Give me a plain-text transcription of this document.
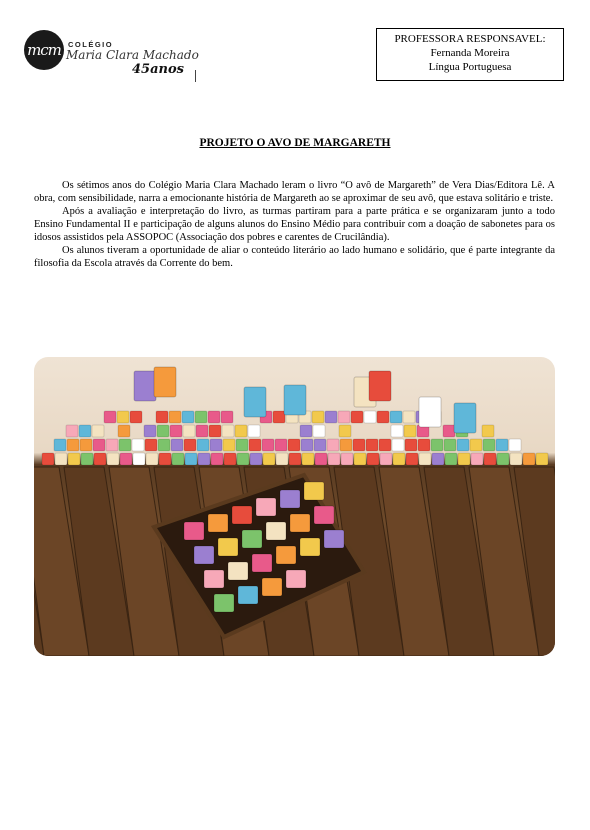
mcm COLÉGIO
Maria Clara Machado
45anos
PROFESSORA RESPONSAVEL:
Fernanda Moreira
Língua Portuguesa
PROJETO O AVO DE MARGARETH

Os sétimos anos do Colégio Maria Clara Machado leram o livro “O avô de Margareth” de Vera Dias/Editora Lê. A obra, com sensibilidade, narra a emocionante história de Margareth ao se aproximar de seu avô, que estava solitário e triste.

Após a avaliação e interpretação do livro, as turmas partiram para a parte prática e se organizaram junto a todo Ensino Fundamental II e participação de alguns alunos do Ensino Médio para contribuir com a doação de sabonetes para os idosos assistidos pela ASSOPOC (Associação dos pobres e carentes de Crucilândia).

Os alunos tiveram a oportunidade de aliar o conteúdo literário ao lado humano e solidário, que é parte integrante da filosofia da Escola através da Corrente do bem.
